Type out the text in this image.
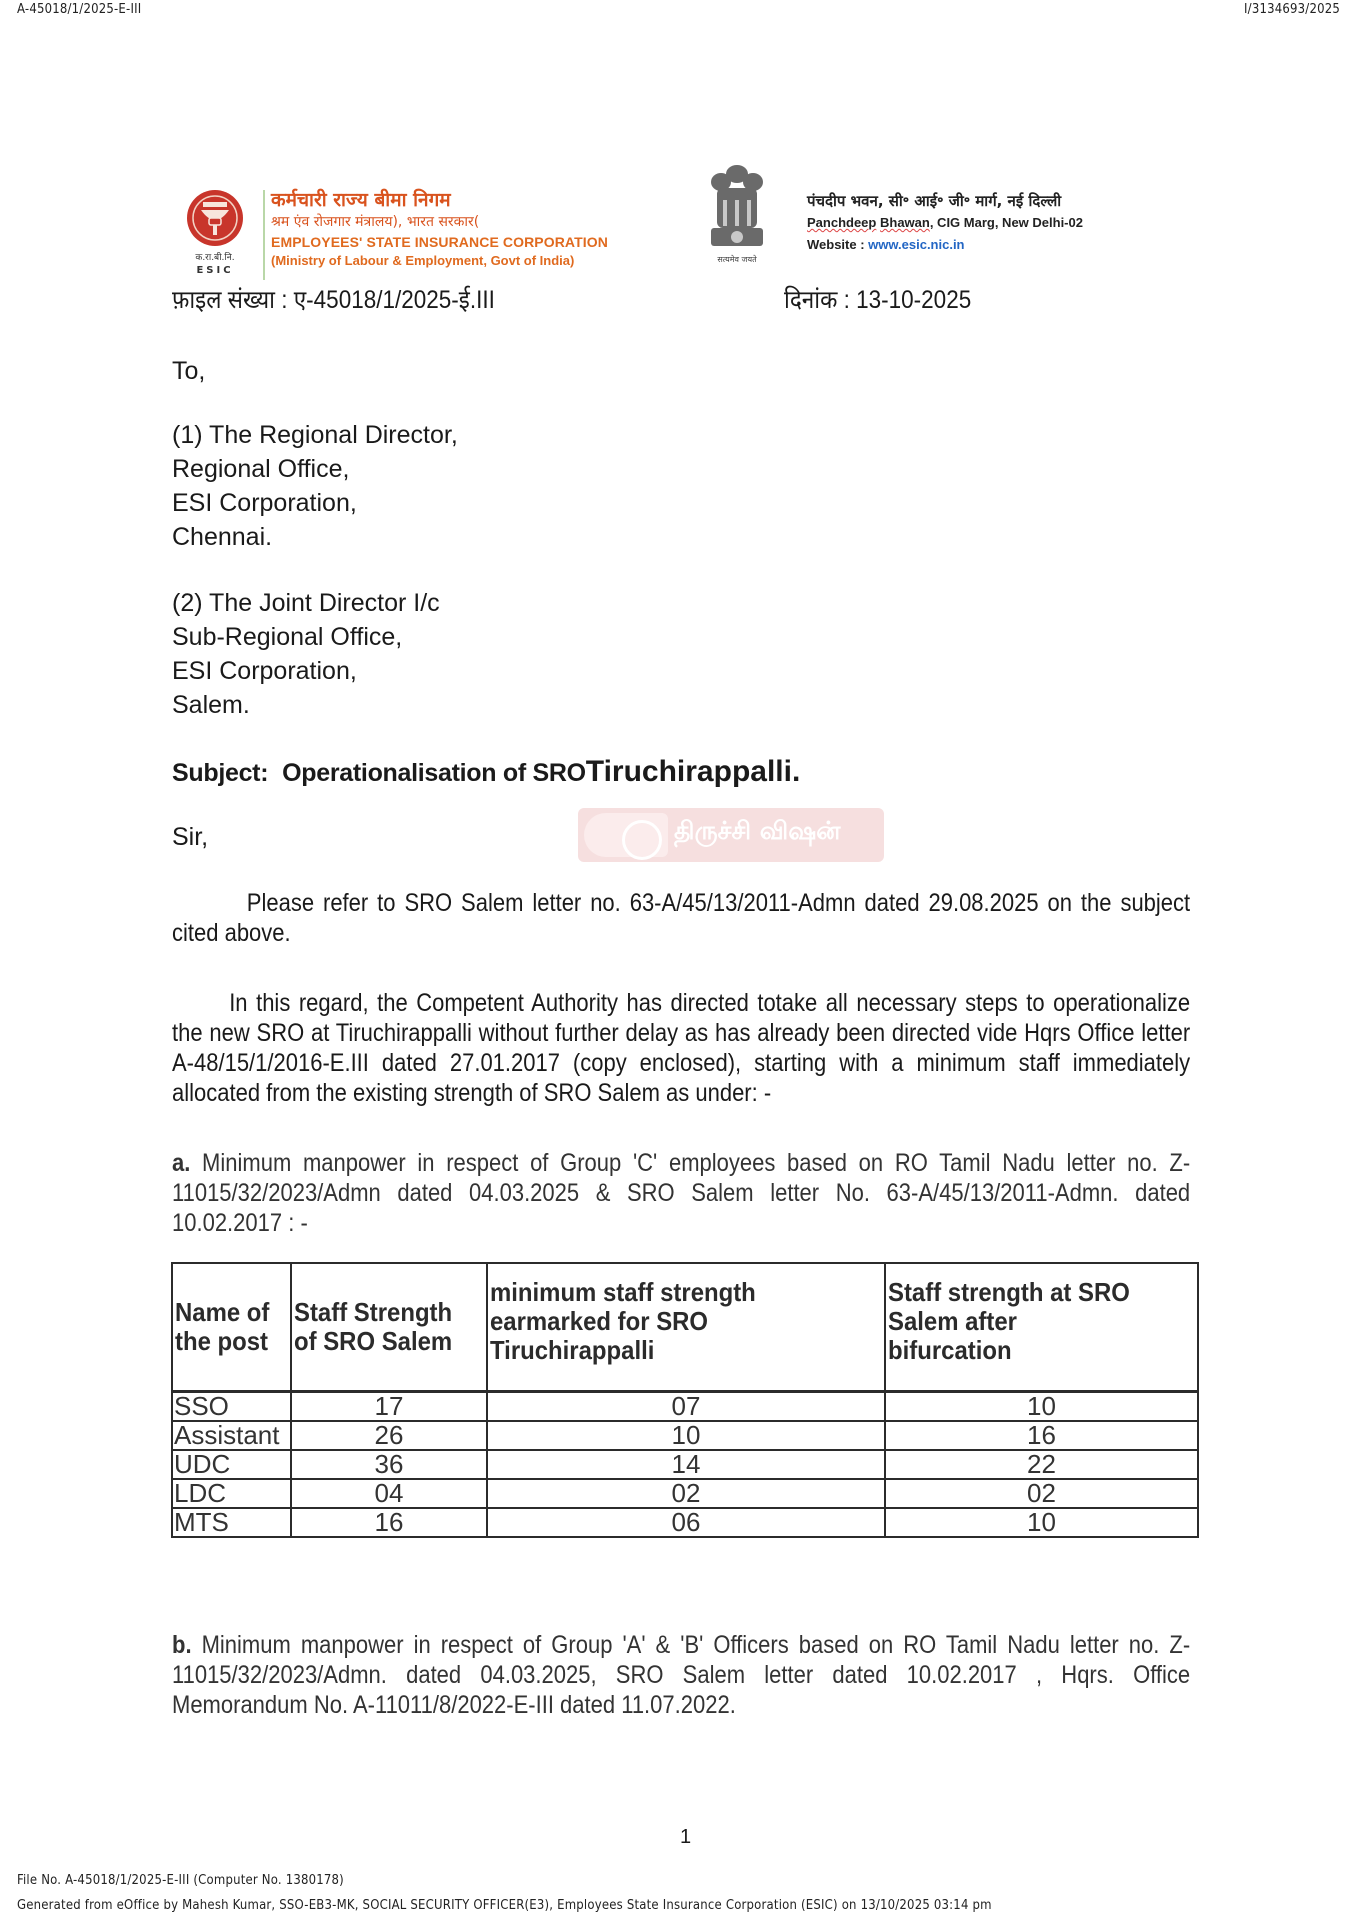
A-45018/1/2025-E-III	I/3134693/2025
क.रा.बी.नि.
ESIC
कर्मचारी राज्य बीमा निगम
श्रम एंव रोजगार मंत्रालय), भारत सरकार(
EMPLOYEES' STATE INSURANCE CORPORATION
(Ministry of Labour & Employment, Govt of India)	सत्यमेव जयते
पंचदीप भवन, सी॰ आई॰ जी॰ मार्ग, नई दिल्ली
Panchdeep Bhawan, CIG Marg, New Delhi-02
Website : www.esic.nic.in
फ़ाइल संख्या : ए-45018/1/2025-ई.III	दिनांक : 13-10-2025
To,
(1) The Regional Director,
Regional Office,
ESI Corporation,
Chennai.
(2) The Joint Director I/c
Sub-Regional Office,
ESI Corporation,
Salem.
Subject: Operationalisation of SROTiruchirappalli.
திருச்சி விஷன்
Sir,
Please refer to SRO Salem letter no. 63-A/45/13/2011-Admn dated 29.08.2025 on the subject cited above.
In this regard, the Competent Authority has directed totake all necessary steps to operationalize the new SRO at Tiruchirappalli without further delay as has already been directed vide Hqrs Office letter A-48/15/1/2016-E.III dated 27.01.2017 (copy enclosed), starting with a minimum staff immediately allocated from the existing strength of SRO Salem as under: -
a. Minimum manpower in respect of Group 'C' employees based on RO Tamil Nadu letter no. Z-11015/32/2023/Admn dated 04.03.2025 & SRO Salem letter No. 63-A/45/13/2011-Admn. dated 10.02.2017 : -
Name of
the post	Staff Strength
of SRO Salem	minimum staff strength
earmarked for SRO
Tiruchirappalli	Staff strength at SRO
Salem after
bifurcation
SSO	17	07	10
Assistant	26	10	16
UDC	36	14	22
LDC	04	02	02
MTS	16	06	10
b. Minimum manpower in respect of Group 'A' & 'B' Officers based on RO Tamil Nadu letter no. Z-11015/32/2023/Admn. dated 04.03.2025, SRO Salem letter dated 10.02.2017 , Hqrs. Office Memorandum No. A-11011/8/2022-E-III dated 11.07.2022.
1
File No. A-45018/1/2025-E-III (Computer No. 1380178)
Generated from eOffice by Mahesh Kumar, SSO-EB3-MK, SOCIAL SECURITY OFFICER(E3), Employees State Insurance Corporation (ESIC) on 13/10/2025 03:14 pm
